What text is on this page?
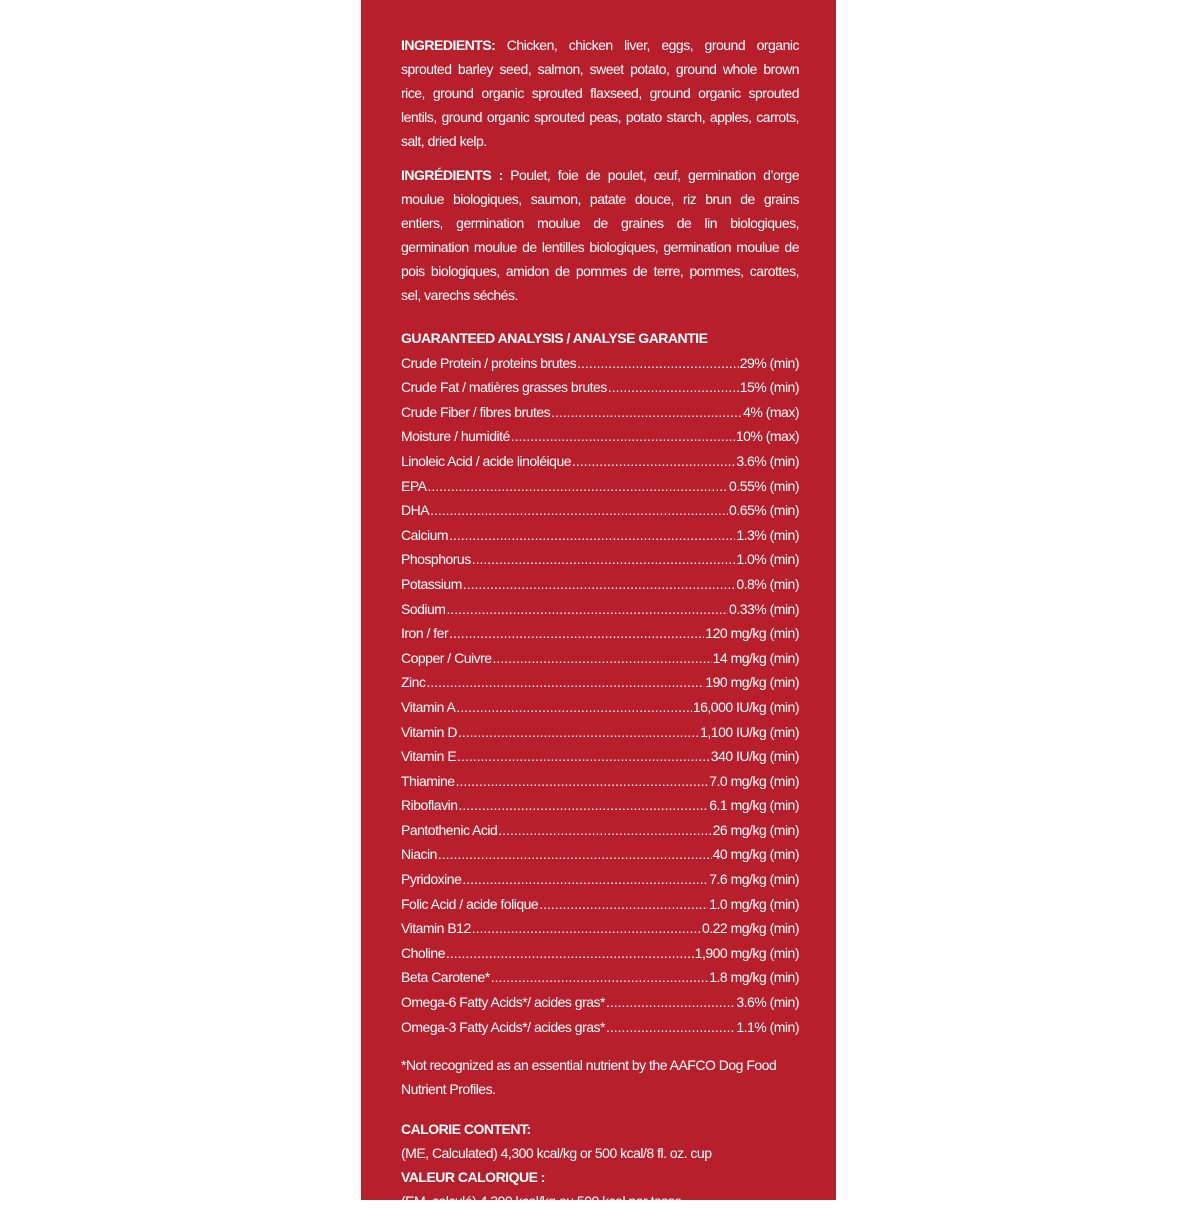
INGREDIENTS: Chicken, chicken liver, eggs, ground organic sprouted barley seed, salmon, sweet potato, ground whole brown rice, ground organic sprouted flaxseed, ground organic sprouted lentils, ground organic sprouted peas, potato starch, apples, carrots, salt, dried kelp.

INGRÉDIENTS : Poulet, foie de poulet, œuf, germination d’orge moulue biologiques, saumon, patate douce, riz brun de grains entiers, germination moulue de graines de lin biologiques, germination moulue de lentilles biologiques, germination moulue de pois biologiques, amidon de pommes de terre, pommes, carottes, sel, varechs séchés.

GUARANTEED ANALYSIS / ANALYSE GARANTIE
Crude Protein / proteins brutes .....	29% (min)
Crude Fat / matières grasses brutes .....	15% (min)
Crude Fiber / fibres brutes .....	4% (max)
Moisture / humidité .....	10% (max)
Linoleic Acid / acide linoléique .....	3.6% (min)
EPA .....	0.55% (min)
DHA .....	0.65% (min)
Calcium .....	1.3% (min)
Phosphorus .....	1.0% (min)
Potassium .....	0.8% (min)
Sodium .....	0.33% (min)
Iron / fer .....	120 mg/kg (min)
Copper / Cuivre .....	14 mg/kg (min)
Zinc .....	190 mg/kg (min)
Vitamin A .....	16,000 IU/kg (min)
Vitamin D .....	1,100 IU/kg (min)
Vitamin E .....	340 IU/kg (min)
Thiamine .....	7.0 mg/kg (min)
Riboflavin .....	6.1 mg/kg (min)
Pantothenic Acid .....	26 mg/kg (min)
Niacin .....	40 mg/kg (min)
Pyridoxine .....	7.6 mg/kg (min)
Folic Acid / acide folique .....	1.0 mg/kg (min)
Vitamin B12 .....	0.22 mg/kg (min)
Choline .....	1,900 mg/kg (min)
Beta Carotene* .....	1.8 mg/kg (min)
Omega-6 Fatty Acids*/ acides gras* .....	3.6% (min)
Omega-3 Fatty Acids*/ acides gras* .....	1.1% (min)
*Not recognized as an essential nutrient by the AAFCO Dog Food Nutrient Profiles.
CALORIE CONTENT:
(ME, Calculated) 4,300 kcal/kg or 500 kcal/8 fl. oz. cup
VALEUR CALORIQUE :
(EM, calculé) 4,300 kcal/kg ou 500 kcal par tasse
